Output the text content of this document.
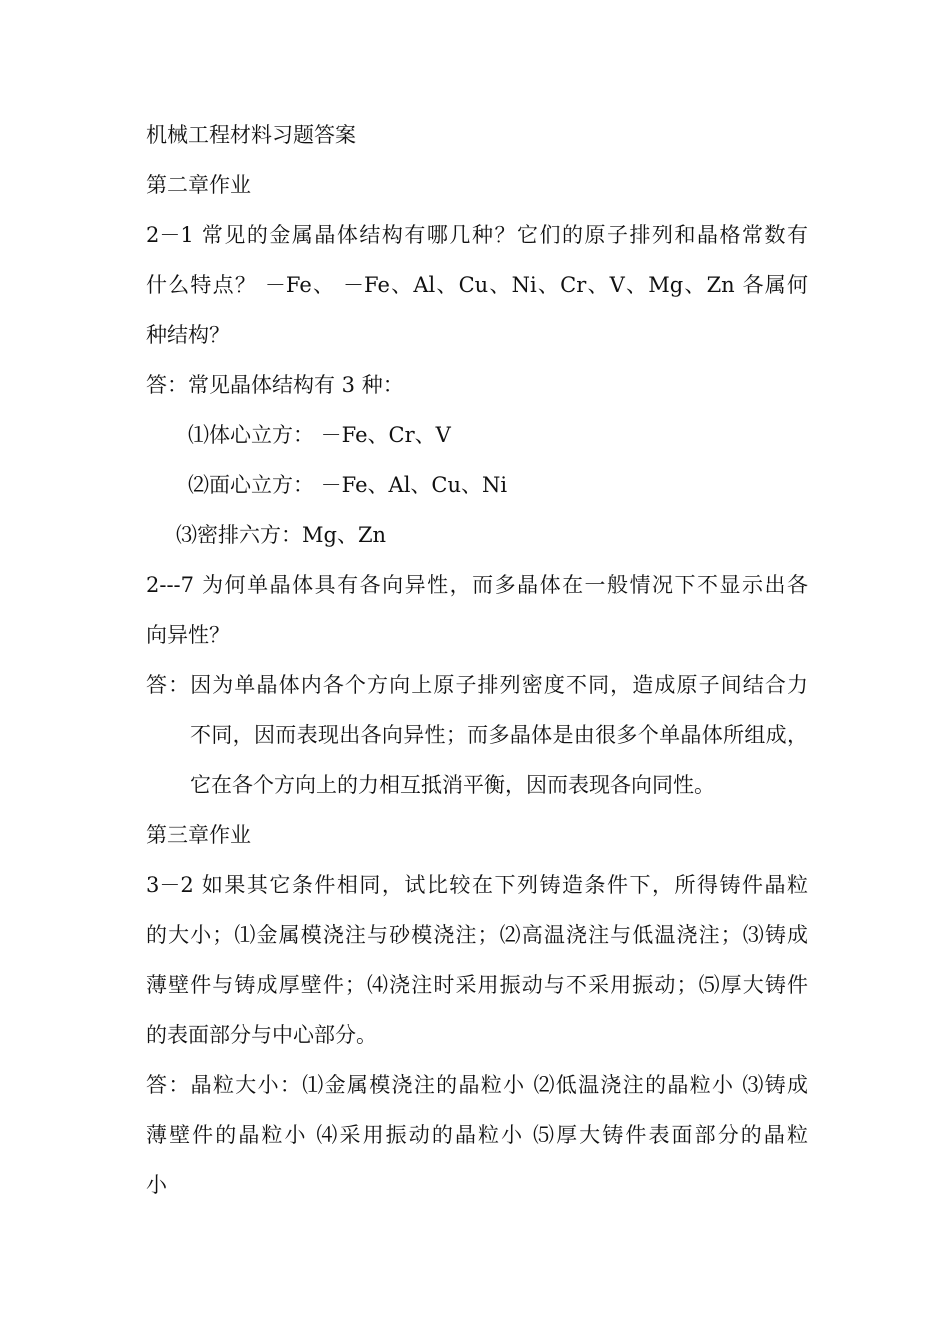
机械工程材料习题答案
第二章作业
2－1 常见的金属晶体结构有哪几种？它们的原子排列和晶格常数有
什么特点？ －Fe、 －Fe、Al、Cu、Ni、Cr、V、Mg、Zn 各属何
种结构？
答：常见晶体结构有 3 种：
⑴体心立方： －Fe、Cr、V
⑵面心立方： －Fe、Al、Cu、Ni
⑶密排六方：Mg、Zn
2---7 为何单晶体具有各向异性，而多晶体在一般情况下不显示出各
向异性？
答：因为单晶体内各个方向上原子排列密度不同，造成原子间结合力
不同，因而表现出各向异性；而多晶体是由很多个单晶体所组成，
它在各个方向上的力相互抵消平衡，因而表现各向同性。
第三章作业
3－2 如果其它条件相同，试比较在下列铸造条件下，所得铸件晶粒
的大小；⑴金属模浇注与砂模浇注；⑵高温浇注与低温浇注；⑶铸成
薄壁件与铸成厚壁件；⑷浇注时采用振动与不采用振动；⑸厚大铸件
的表面部分与中心部分。
答：晶粒大小：⑴金属模浇注的晶粒小 ⑵低温浇注的晶粒小 ⑶铸成
薄壁件的晶粒小 ⑷采用振动的晶粒小 ⑸厚大铸件表面部分的晶粒
小
